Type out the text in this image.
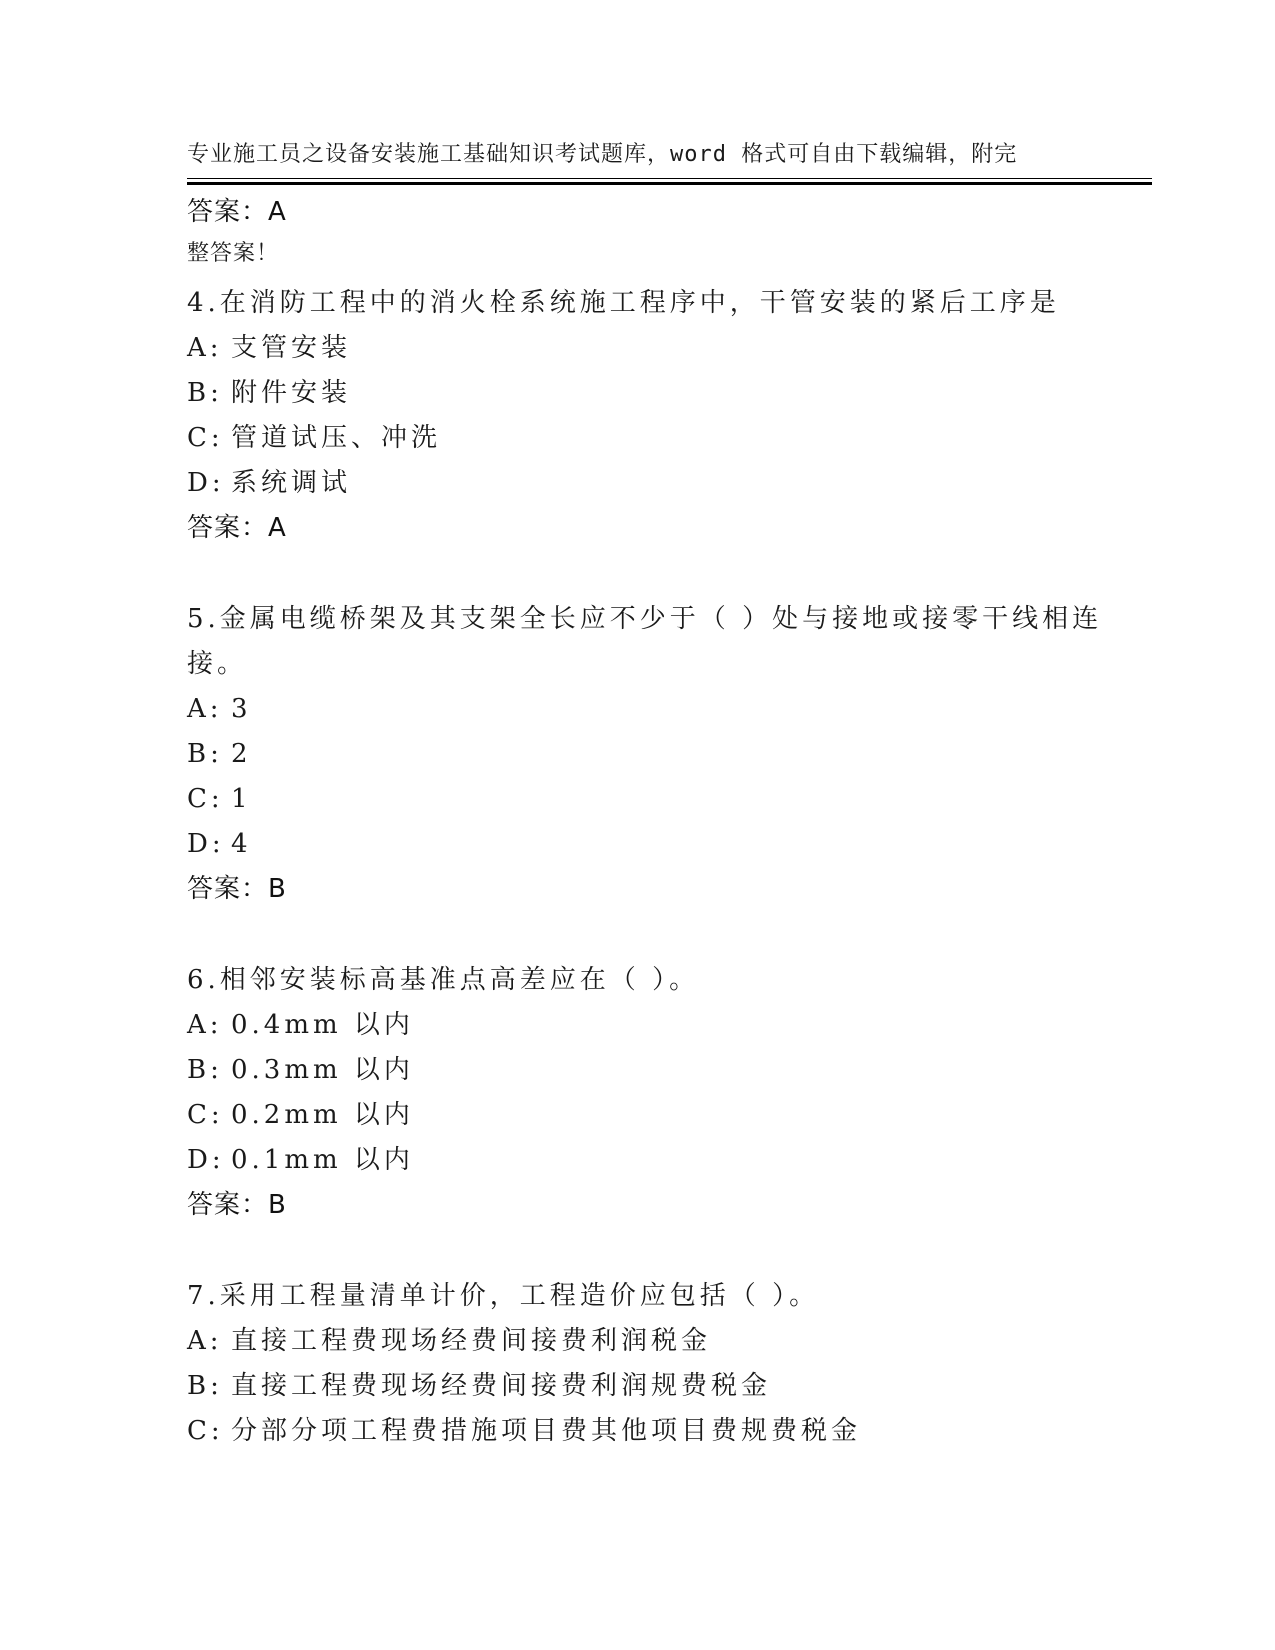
专业施工员之设备安装施工基础知识考试题库，word 格式可自由下载编辑，附完

整答案！

答案：A

4.在消防工程中的消火栓系统施工程序中，干管安装的紧后工序是

A: 支管安装
B: 附件安装
C: 管道试压、冲洗
D: 系统调试
答案：A

5.金属电缆桥架及其支架全长应不少于（ ）处与接地或接零干线相连接。

A: 3
B: 2
C: 1
D: 4
答案：B

6.相邻安装标高基准点高差应在（ ）。

A: 0.4mm 以内
B: 0.3mm 以内
C: 0.2mm 以内
D: 0.1mm 以内
答案：B

7.采用工程量清单计价，工程造价应包括（ ）。

A: 直接工程费现场经费间接费利润税金
B: 直接工程费现场经费间接费利润规费税金
C: 分部分项工程费措施项目费其他项目费规费税金
